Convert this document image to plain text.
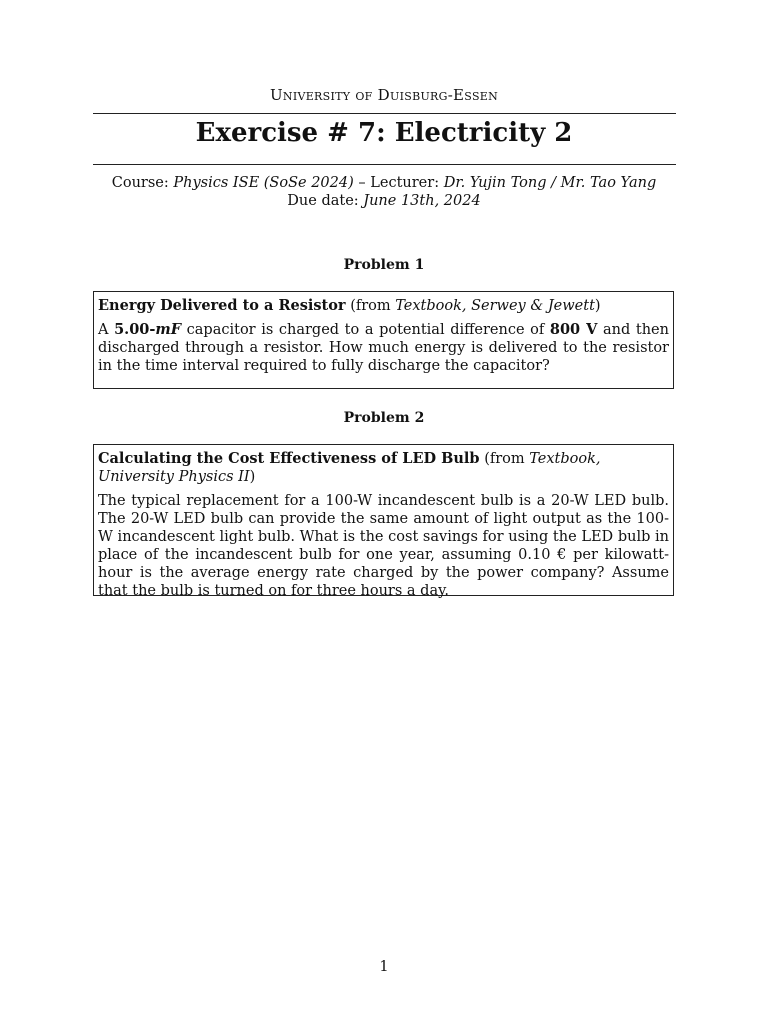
University of Duisburg-Essen
Exercise # 7: Electricity 2
Course: Physics ISE (SoSe 2024) – Lecturer: Dr. Yujin Tong / Mr. Tao Yang
Due date: June 13th, 2024
Problem 1

Energy Delivered to a Resistor (from Textbook, Serwey & Jewett)

A 5.00-mF capacitor is charged to a potential difference of 800 V and then discharged through a resistor. How much energy is delivered to the resistor in the time interval required to fully discharge the capacitor?

Problem 2

Calculating the Cost Effectiveness of LED Bulb (from Textbook, University Physics II)

The typical replacement for a 100-W incandescent bulb is a 20-W LED bulb. The 20-W LED bulb can provide the same amount of light output as the 100-W incandescent light bulb. What is the cost savings for using the LED bulb in place of the incandescent bulb for one year, assuming 0.10 € per kilowatt-hour is the average energy rate charged by the power company? Assume that the bulb is turned on for three hours a day.

1
